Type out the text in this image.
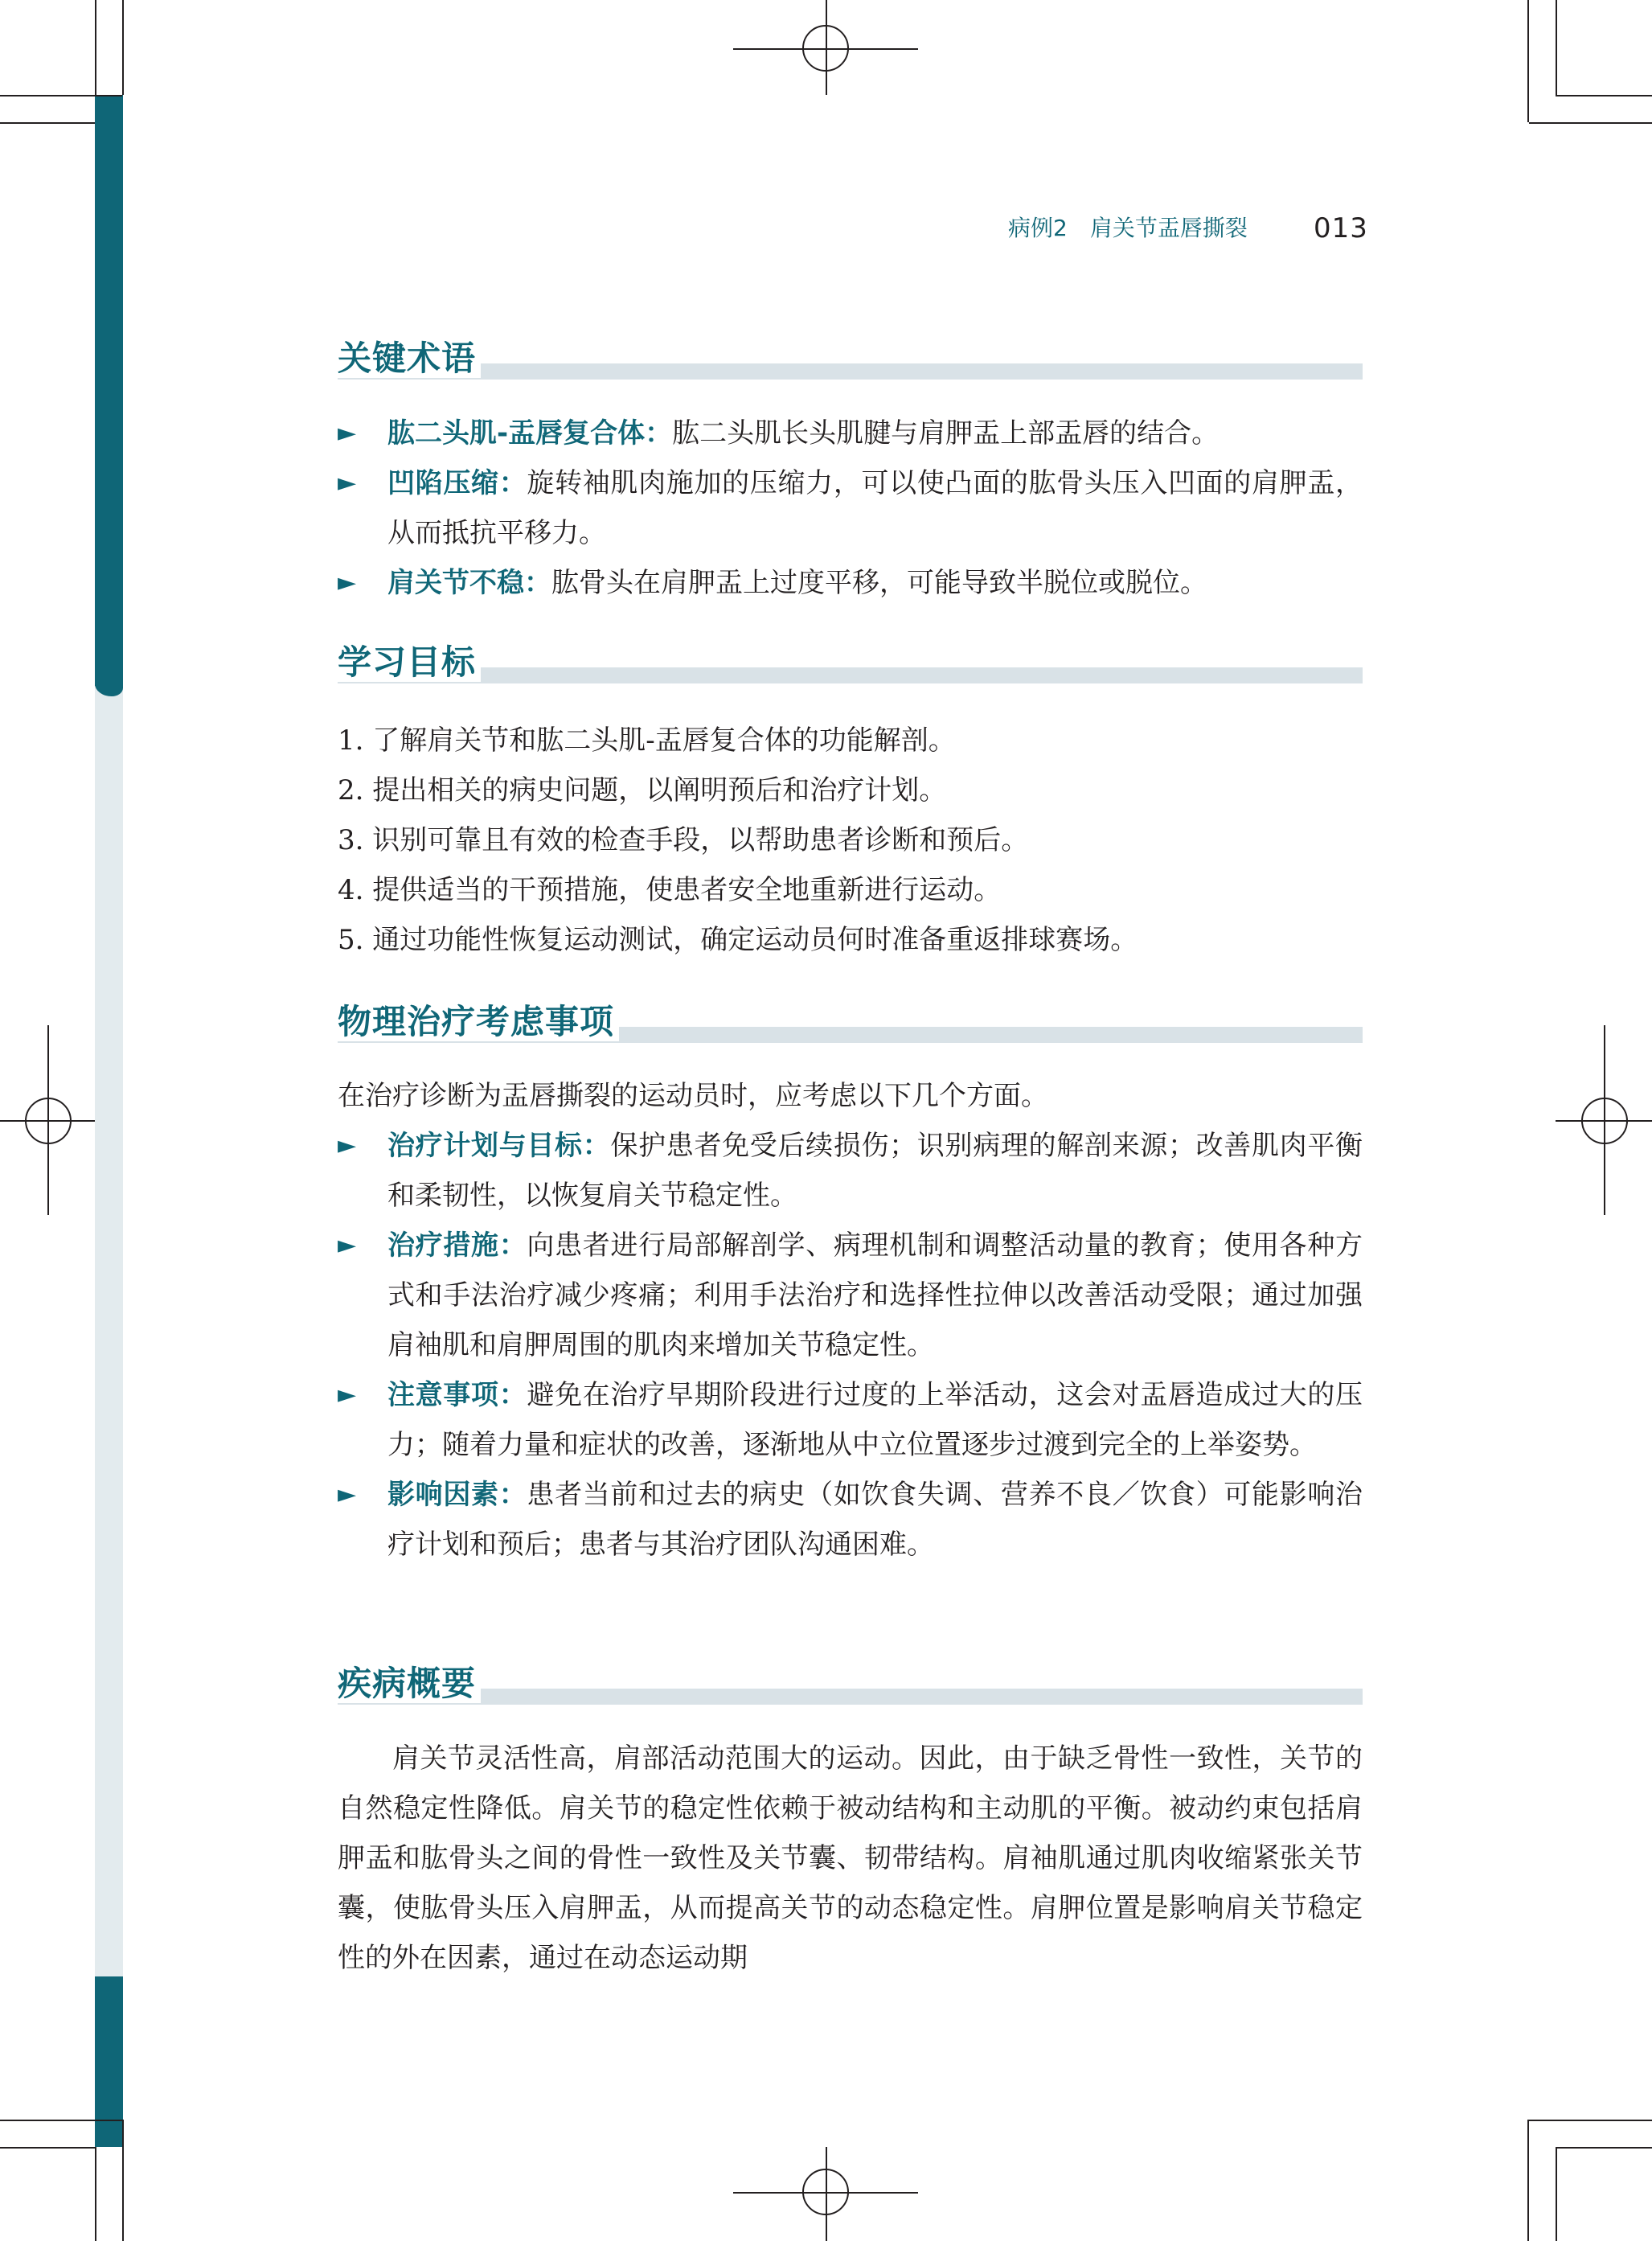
病例2　肩关节盂唇撕裂 013
关键术语
► 肱二头肌-盂唇复合体：肱二头肌长头肌腱与肩胛盂上部盂唇的结合。
► 凹陷压缩：旋转袖肌肉施加的压缩力，可以使凸面的肱骨头压入凹面的肩胛盂，从而抵抗平移力。
► 肩关节不稳：肱骨头在肩胛盂上过度平移，可能导致半脱位或脱位。
学习目标
1. 了解肩关节和肱二头肌-盂唇复合体的功能解剖。
2. 提出相关的病史问题，以阐明预后和治疗计划。
3. 识别可靠且有效的检查手段，以帮助患者诊断和预后。
4. 提供适当的干预措施，使患者安全地重新进行运动。
5. 通过功能性恢复运动测试，确定运动员何时准备重返排球赛场。
物理治疗考虑事项
在治疗诊断为盂唇撕裂的运动员时，应考虑以下几个方面。
► 治疗计划与目标：保护患者免受后续损伤；识别病理的解剖来源；改善肌肉平衡和柔韧性，以恢复肩关节稳定性。
► 治疗措施：向患者进行局部解剖学、病理机制和调整活动量的教育；使用各种方式和手法治疗减少疼痛；利用手法治疗和选择性拉伸以改善活动受限；通过加强肩袖肌和肩胛周围的肌肉来增加关节稳定性。
► 注意事项：避免在治疗早期阶段进行过度的上举活动，这会对盂唇造成过大的压力；随着力量和症状的改善，逐渐地从中立位置逐步过渡到完全的上举姿势。
► 影响因素：患者当前和过去的病史（如饮食失调、营养不良／饮食）可能影响治疗计划和预后；患者与其治疗团队沟通困难。
疾病概要
肩关节灵活性高，肩部活动范围大的运动。因此，由于缺乏骨性一致性，关节的自然稳定性降低。肩关节的稳定性依赖于被动结构和主动肌的平衡。被动约束包括肩胛盂和肱骨头之间的骨性一致性及关节囊、韧带结构。肩袖肌通过肌肉收缩紧张关节囊，使肱骨头压入肩胛盂，从而提高关节的动态稳定性。肩胛位置是影响肩关节稳定性的外在因素，通过在动态运动期
